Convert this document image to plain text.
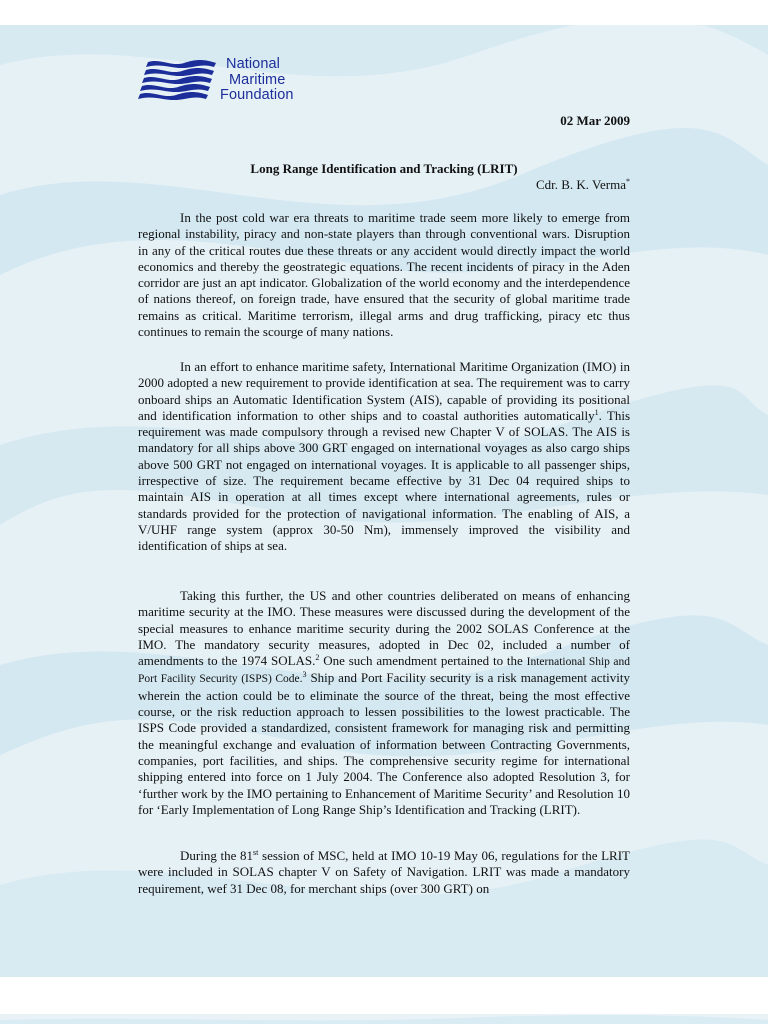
National
Maritime
Foundation
02 Mar 2009
Long Range Identification and Tracking (LRIT)
Cdr. B. K. Verma*

In the post cold war era threats to maritime trade seem more likely to emerge from regional instability, piracy and non-state players than through conventional wars. Disruption in any of the critical routes due these threats or any accident would directly impact the world economics and thereby the geostrategic equations. The recent incidents of piracy in the Aden corridor are just an apt indicator. Globalization of the world economy and the interdependence of nations thereof, on foreign trade, have ensured that the security of global maritime trade remains as critical. Maritime terrorism, illegal arms and drug trafficking, piracy etc thus continues to remain the scourge of many nations.

In an effort to enhance maritime safety, International Maritime Organization (IMO) in 2000 adopted a new requirement to provide identification at sea. The requirement was to carry onboard ships an Automatic Identification System (AIS), capable of providing its positional and identification information to other ships and to coastal authorities automatically$^1$. This requirement was made compulsory through a revised new Chapter V of SOLAS. The AIS is mandatory for all ships above 300 GRT engaged on international voyages as also cargo ships above 500 GRT not engaged on international voyages. It is applicable to all passenger ships, irrespective of size. The requirement became effective by 31 Dec 04 required ships to maintain AIS in operation at all times except where international agreements, rules or standards provided for the protection of navigational information. The enabling of AIS, a V/UHF range system (approx 30-50 Nm), immensely improved the visibility and identification of ships at sea.

Taking this further, the US and other countries deliberated on means of enhancing maritime security at the IMO. These measures were discussed during the development of the special measures to enhance maritime security during the 2002 SOLAS Conference at the IMO. The mandatory security measures, adopted in Dec 02, included a number of amendments to the 1974 SOLAS.$^2$ One such amendment pertained to the International Ship and Port Facility Security (ISPS) Code.$^3$ Ship and Port Facility security is a risk management activity wherein the action could be to eliminate the source of the threat, being the most effective course, or the risk reduction approach to lessen possibilities to the lowest practicable. The ISPS Code provided a standardized, consistent framework for managing risk and permitting the meaningful exchange and evaluation of information between Contracting Governments, companies, port facilities, and ships. The comprehensive security regime for international shipping entered into force on 1 July 2004. The Conference also adopted Resolution 3, for ‘further work by the IMO pertaining to Enhancement of Maritime Security’ and Resolution 10 for ‘Early Implementation of Long Range Ship’s Identification and Tracking (LRIT).

During the 81st session of MSC, held at IMO 10-19 May 06, regulations for the LRIT were included in SOLAS chapter V on Safety of Navigation. LRIT was made a mandatory requirement, wef 31 Dec 08, for merchant ships (over 300 GRT) on
